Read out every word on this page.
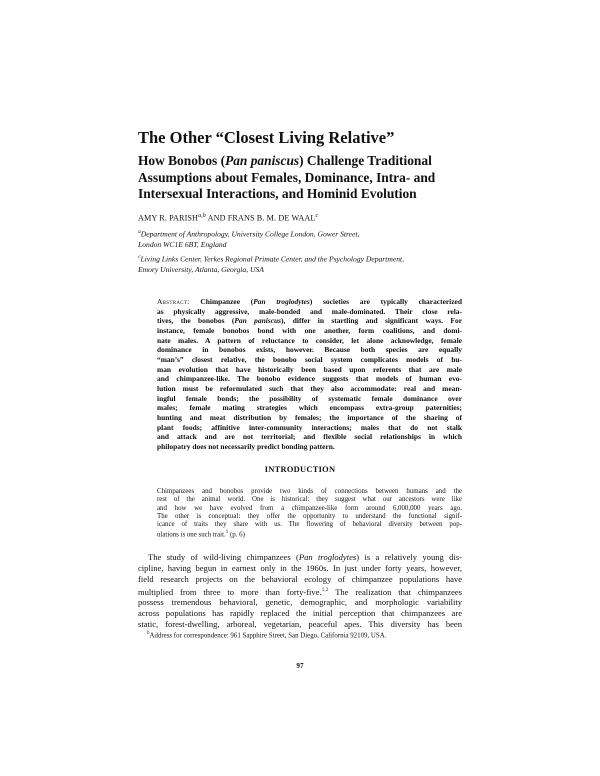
The Other “Closest Living Relative”
How Bonobos (Pan paniscus) Challenge Traditional
Assumptions about Females, Dominance, Intra- and
Intersexual Interactions, and Hominid Evolution
AMY R. PARISH$^{a,b}$ AND FRANS B. M. DE WAAL$^c$
$^a$Department of Anthropology, University College London, Gower Street,
London WC1E 6BT, England
$^c$Living Links Center, Yerkes Regional Primate Center, and the Psychology Department,
Emory University, Atlanta, Georgia, USA
Abstract: Chimpanzee (Pan troglodytes) societies are typically characterized
as physically aggressive, male-bonded and male-dominated. Their close rela-
tives, the bonobos (Pan paniscus), differ in startling and significant ways. For
instance, female bonobos bond with one another, form coalitions, and domi-
nate males. A pattern of reluctance to consider, let alone acknowledge, female
dominance in bonobos exists, however. Because both species are equally
“man’s” closest relative, the bonobo social system complicates models of hu-
man evolution that have historically been based upon referents that are male
and chimpanzee-like. The bonobo evidence suggests that models of human evo-
lution must be reformulated such that they also accommodate: real and mean-
ingful female bonds; the possibility of systematic female dominance over
males; female mating strategies which encompass extra-group paternities;
hunting and meat distribution by females; the importance of the sharing of
plant foods; affinitive inter-community interactions; males that do not stalk
and attack and are not territorial; and flexible social relationships in which
philopatry does not necessarily predict bonding pattern.
INTRODUCTION
Chimpanzees and bonobos provide two kinds of connections between humans and the
rest of the animal world. One is historical: they suggest what our ancestors were like
and how we have evolved from a chimpanzee-like form around 6,000,000 years ago.
The other is conceptual: they offer the opportunity to understand the functional signif-
icance of traits they share with us. The flowering of behavioral diversity between pop-
ulations is one such trait.$^1$ (p. 6)
The study of wild-living chimpanzees (Pan troglodytes) is a relatively young dis-
cipline, having begun in earnest only in the 1960s. In just under forty years, however,
field research projects on the behavioral ecology of chimpanzee populations have
multiplied from three to more than forty-five.$^{1,2}$ The realization that chimpanzees
possess tremendous behavioral, genetic, demographic, and morphologic variability
across populations has rapidly replaced the initial perception that chimpanzees are
static, forest-dwelling, arboreal, vegetarian, peaceful apes. This diversity has been
$^b$Address for correspondence: 961 Sapphire Street, San Diego, California 92109, USA.
97
